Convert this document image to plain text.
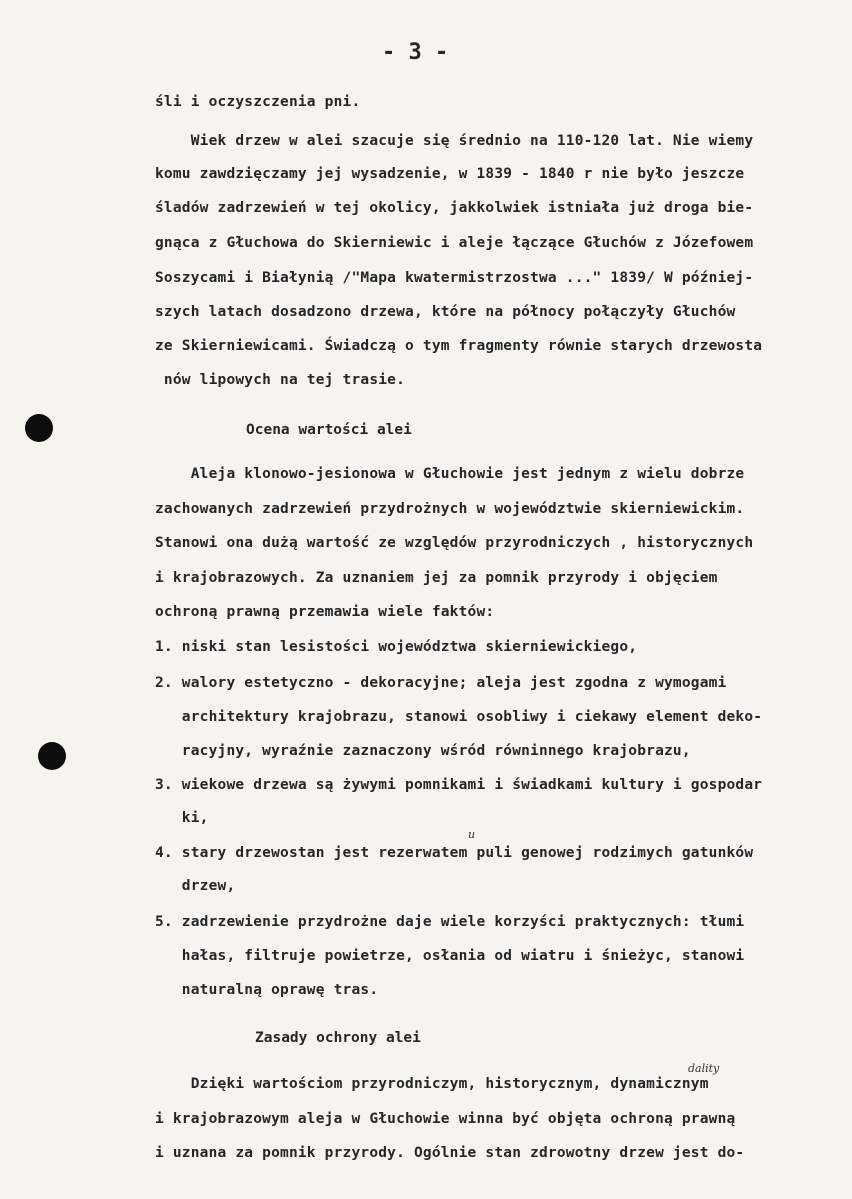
- 3 -
śli i oczyszczenia pni.
Wiek drzew w alei szacuje się średnio na 110-120 lat. Nie wiemy
komu zawdzięczamy jej wysadzenie, w 1839 - 1840 r nie było jeszcze
śladów zadrzewień w tej okolicy, jakkolwiek istniała już droga bie-
gnąca z Głuchowa do Skierniewic i aleje łączące Głuchów z Józefowem
Soszycami i Białynią /"Mapa kwatermistrzostwa ..." 1839/ W później-
szych latach dosadzono drzewa, które na północy połączyły Głuchów
ze Skierniewicami. Świadczą o tym fragmenty równie starych drzewosta
nów lipowych na tej trasie.
Ocena wartości alei
Aleja klonowo-jesionowa w Głuchowie jest jednym z wielu dobrze
zachowanych zadrzewień przydrożnych w województwie skierniewickim.
Stanowi ona dużą wartość ze względów przyrodniczych , historycznych
i krajobrazowych. Za uznaniem jej za pomnik przyrody i objęciem
ochroną prawną przemawia wiele faktów:
1. niski stan lesistości województwa skierniewickiego,
2. walory estetyczno - dekoracyjne; aleja jest zgodna z wymogami
architektury krajobrazu, stanowi osobliwy i ciekawy element deko-
racyjny, wyraźnie zaznaczony wśród równinnego krajobrazu,
3. wiekowe drzewa są żywymi pomnikami i świadkami kultury i gospodar
ki,
u
4. stary drzewostan jest rezerwatem puli genowej rodzimych gatunków
drzew,
5. zadrzewienie przydrożne daje wiele korzyści praktycznych: tłumi
hałas, filtruje powietrze, osłania od wiatru i śnieżyc, stanowi
naturalną oprawę tras.
Zasady ochrony alei
dality
Dzięki wartościom przyrodniczym, historycznym, dynamicznym
i krajobrazowym aleja w Głuchowie winna być objęta ochroną prawną
i uznana za pomnik przyrody. Ogólnie stan zdrowotny drzew jest do-
